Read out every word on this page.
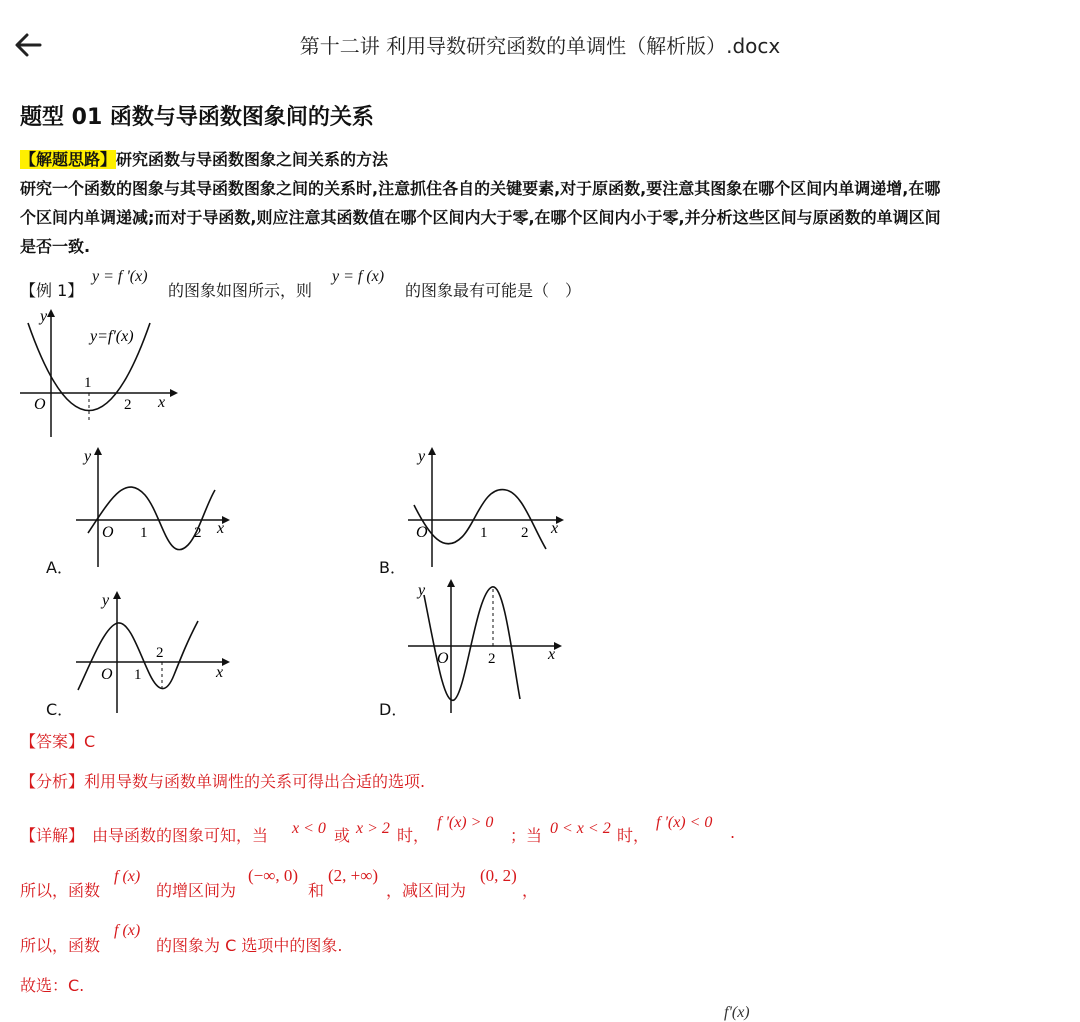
第十二讲 利用导数研究函数的单调性（解析版）.docx
题型 01 函数与导函数图象间的关系
【解题思路】研究函数与导函数图象之间关系的方法
研究一个函数的图象与其导函数图象之间的关系时,注意抓住各自的关键要素,对于原函数,要注意其图象在哪个区间内单调递增,在哪
个区间内单调递减;而对于导函数,则应注意其函数值在哪个区间内大于零,在哪个区间内小于零,并分析这些区间与原函数的单调区间
是否一致.
【例 1】
y = f '(x)
的图象如图所示，则
y = f (x)
的图象最有可能是（　）
y
x
O
1
2
y=f'(x)
y
x
O 1	2
A．
y
x
O	1 2
B．
y
x
O 1
2
C．
y
x
O	2
D．
【答案】C
【分析】利用导数与函数单调性的关系可得出合适的选项.
【详解】 由导函数的图象可知，当 x < 0 或 x > 2 时，
f '(x) > 0
；当 0 < x < 2 时，
f '(x) < 0
.
所以，函数
f (x)
的增区间为
(−∞, 0)
和
(2, +∞)
，减区间为
(0, 2)
，
所以，函数
f (x)
的图象为 C 选项中的图象.
故选：C.
f'(x)
